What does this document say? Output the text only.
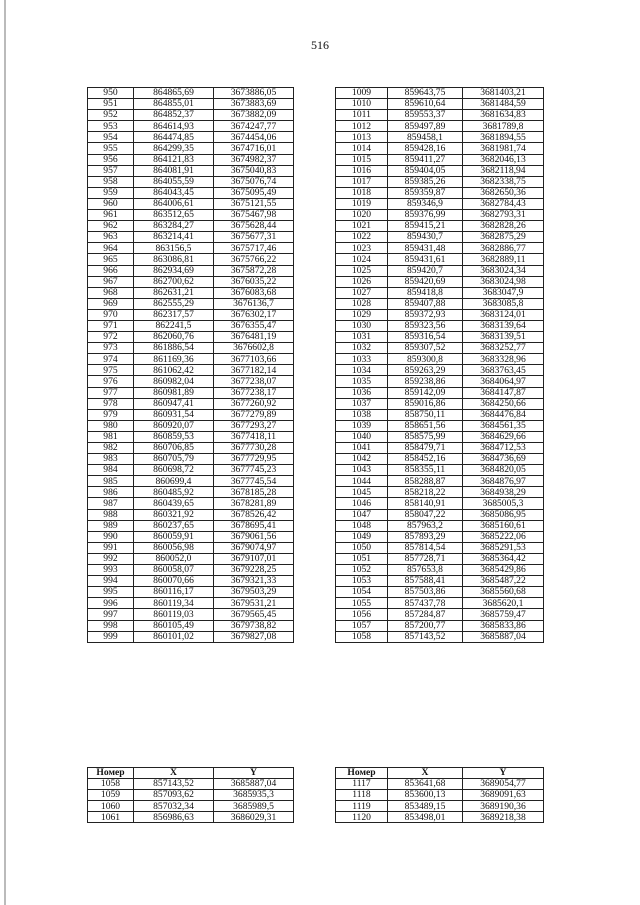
516
950	864865,69	3673886,05
951	864855,01	3673883,69
952	864852,37	3673882,09
953	864614,93	3674247,77
954	864474,85	3674454,06
955	864299,35	3674716,01
956	864121,83	3674982,37
957	864081,91	3675040,83
958	864055,59	3675076,74
959	864043,45	3675095,49
960	864006,61	3675121,55
961	863512,65	3675467,98
962	863284,27	3675628,44
963	863214,41	3675677,31
964	863156,5	3675717,46
965	863086,81	3675766,22
966	862934,69	3675872,28
967	862700,62	3676035,22
968	862631,21	3676083,68
969	862555,29	3676136,7
970	862317,57	3676302,17
971	862241,5	3676355,47
972	862060,76	3676481,19
973	861886,54	3676602,8
974	861169,36	3677103,66
975	861062,42	3677182,14
976	860982,04	3677238,07
977	860981,89	3677238,17
978	860947,41	3677260,92
979	860931,54	3677279,89
980	860920,07	3677293,27
981	860859,53	3677418,11
982	860706,85	3677730,28
983	860705,79	3677729,95
984	860698,72	3677745,23
985	860699,4	3677745,54
986	860485,92	3678185,28
987	860439,65	3678281,89
988	860321,92	3678526,42
989	860237,65	3678695,41
990	860059,91	3679061,56
991	860056,98	3679074,97
992	860052,0	3679107,01
993	860058,07	3679228,25
994	860070,66	3679321,33
995	860116,17	3679503,29
996	860119,34	3679531,21
997	860119,03	3679565,45
998	860105,49	3679738,82
999	860101,02	3679827,08
1009	859643,75	3681403,21
1010	859610,64	3681484,59
1011	859553,37	3681634,83
1012	859497,89	3681789,8
1013	859458,1	3681894,55
1014	859428,16	3681981,74
1015	859411,27	3682046,13
1016	859404,05	3682118,94
1017	859385,26	3682338,75
1018	859359,87	3682650,36
1019	859346,9	3682784,43
1020	859376,99	3682793,31
1021	859415,21	3682828,26
1022	859430,7	3682875,29
1023	859431,48	3682886,77
1024	859431,61	3682889,11
1025	859420,7	3683024,34
1026	859420,69	3683024,98
1027	859418,8	3683047,9
1028	859407,88	3683085,8
1029	859372,93	3683124,01
1030	859323,56	3683139,64
1031	859316,54	3683139,51
1032	859307,52	3683252,77
1033	859300,8	3683328,96
1034	859263,29	3683763,45
1035	859238,86	3684064,97
1036	859142,09	3684147,87
1037	859016,86	3684250,66
1038	858750,11	3684476,84
1039	858651,56	3684561,35
1040	858575,99	3684629,66
1041	858479,71	3684712,53
1042	858452,16	3684736,69
1043	858355,11	3684820,05
1044	858288,87	3684876,97
1045	858218,22	3684938,29
1046	858140,91	3685005,3
1047	858047,22	3685086,95
1048	857963,2	3685160,61
1049	857893,29	3685222,06
1050	857814,54	3685291,53
1051	857728,71	3685364,42
1052	857653,8	3685429,86
1053	857588,41	3685487,22
1054	857503,86	3685560,68
1055	857437,78	3685620,1
1056	857284,87	3685759,47
1057	857200,77	3685833,86
1058	857143,52	3685887,04
Номер	X	Y
1058	857143,52	3685887,04
1059	857093,62	3685935,3
1060	857032,34	3685989,5
1061	856986,63	3686029,31
Номер	X	Y
1117	853641,68	3689054,77
1118	853600,13	3689091,63
1119	853489,15	3689190,36
1120	853498,01	3689218,38
